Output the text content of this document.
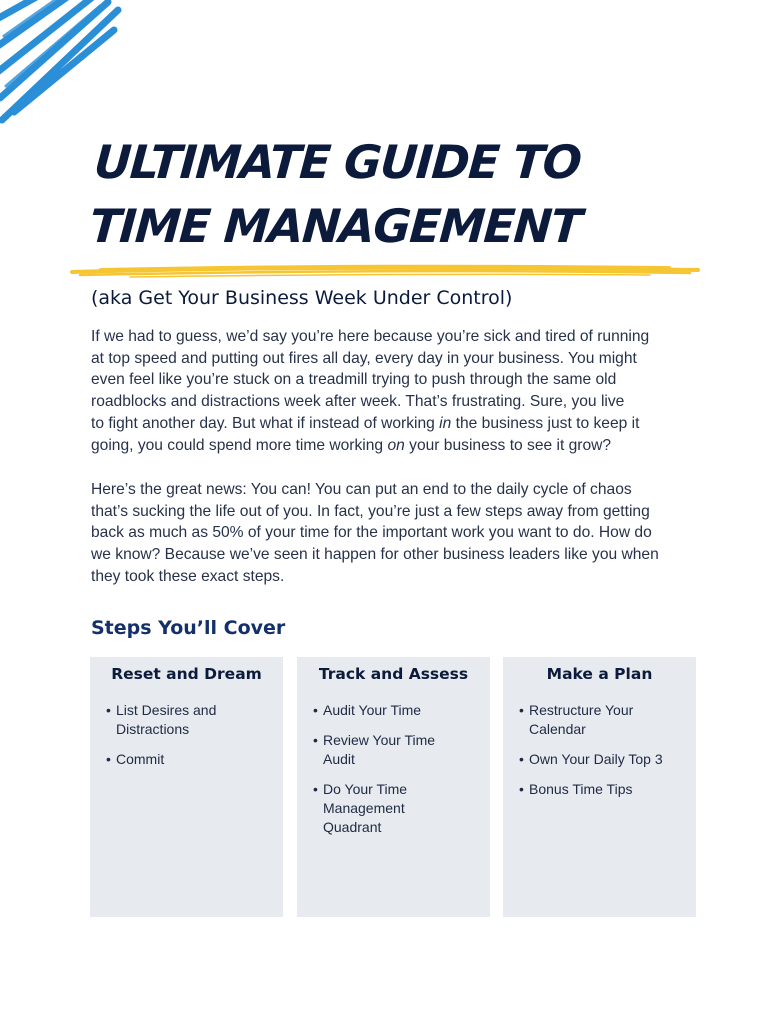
ULTIMATE GUIDE TO
TIME MANAGEMENT
(aka Get Your Business Week Under Control)

If we had to guess, we’d say you’re here because you’re sick and tired of running
at top speed and putting out fires all day, every day in your business. You might
even feel like you’re stuck on a treadmill trying to push through the same old
roadblocks and distractions week after week. That’s frustrating. Sure, you live
to fight another day. But what if instead of working in the business just to keep it
going, you could spend more time working on your business to see it grow?

Here’s the great news: You can! You can put an end to the daily cycle of chaos
that’s sucking the life out of you. In fact, you’re just a few steps away from getting
back as much as 50% of your time for the important work you want to do. How do
we know? Because we’ve seen it happen for other business leaders like you when
they took these exact steps.

Steps You’ll Cover
Reset and Dream
• List Desires and
Distractions
• Commit
Track and Assess
• Audit Your Time
• Review Your Time
Audit
• Do Your Time
Management
Quadrant
Make a Plan
• Restructure Your
Calendar
• Own Your Daily Top 3
• Bonus Time Tips
